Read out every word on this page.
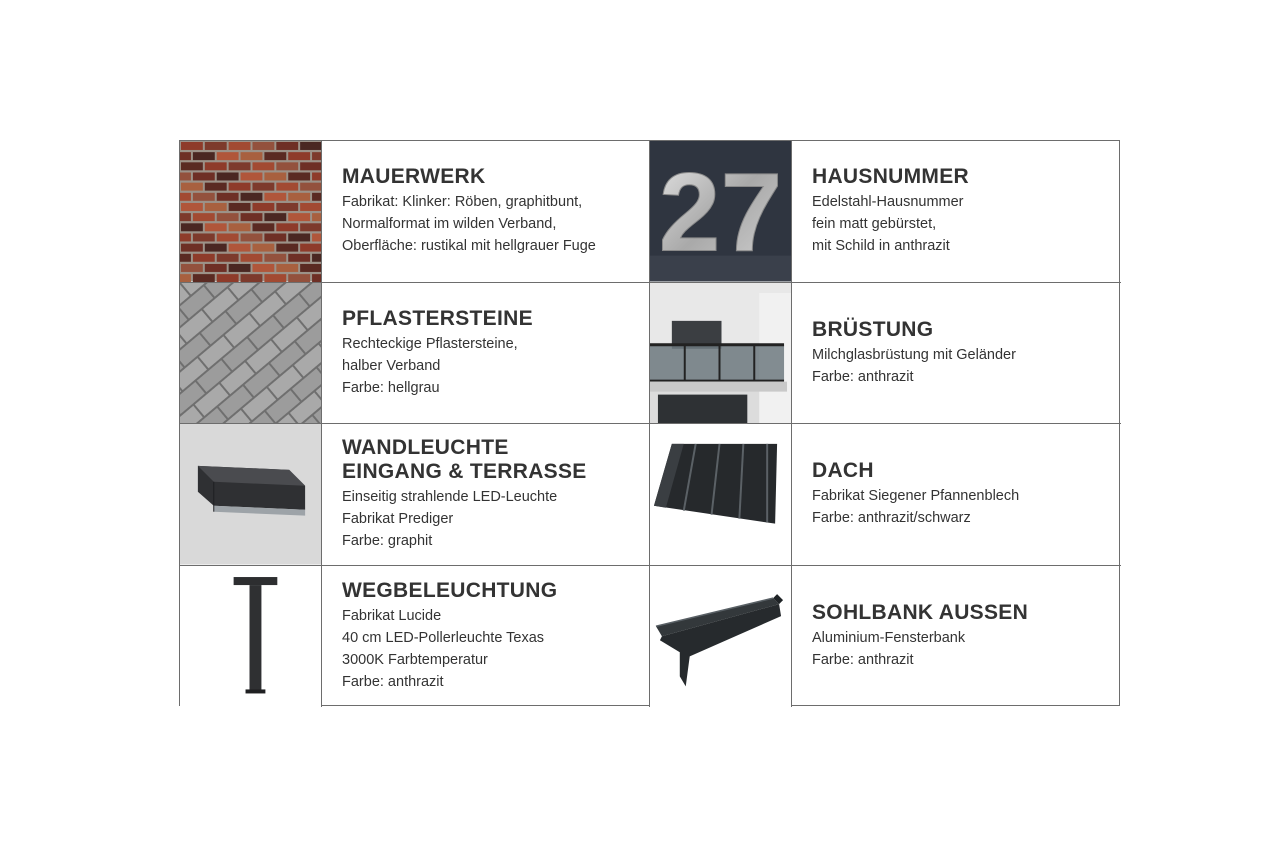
MAUERWERK
Fabrikat: Klinker: Röben, graphitbunt,
Normalformat im wilden Verband,
Oberfläche: rustikal mit hellgrauer Fuge 27 HAUSNUMMER
Edelstahl-Hausnummer
fein matt gebürstet,
mit Schild in anthrazit
PFLASTERSTEINE
Rechteckige Pflastersteine,
halber Verband
Farbe: hellgrau
BRÜSTUNG
Milchglasbrüstung mit Geländer
Farbe: anthrazit
WANDLEUCHTE
EINGANG & TERRASSE
Einseitig strahlende LED-Leuchte
Fabrikat Prediger
Farbe: graphit
DACH
Fabrikat Siegener Pfannenblech
Farbe: anthrazit/schwarz
WEGBELEUCHTUNG
Fabrikat Lucide
40 cm LED-Pollerleuchte Texas
3000K Farbtemperatur
Farbe: anthrazit
SOHLBANK AUSSEN
Aluminium-Fensterbank
Farbe: anthrazit
